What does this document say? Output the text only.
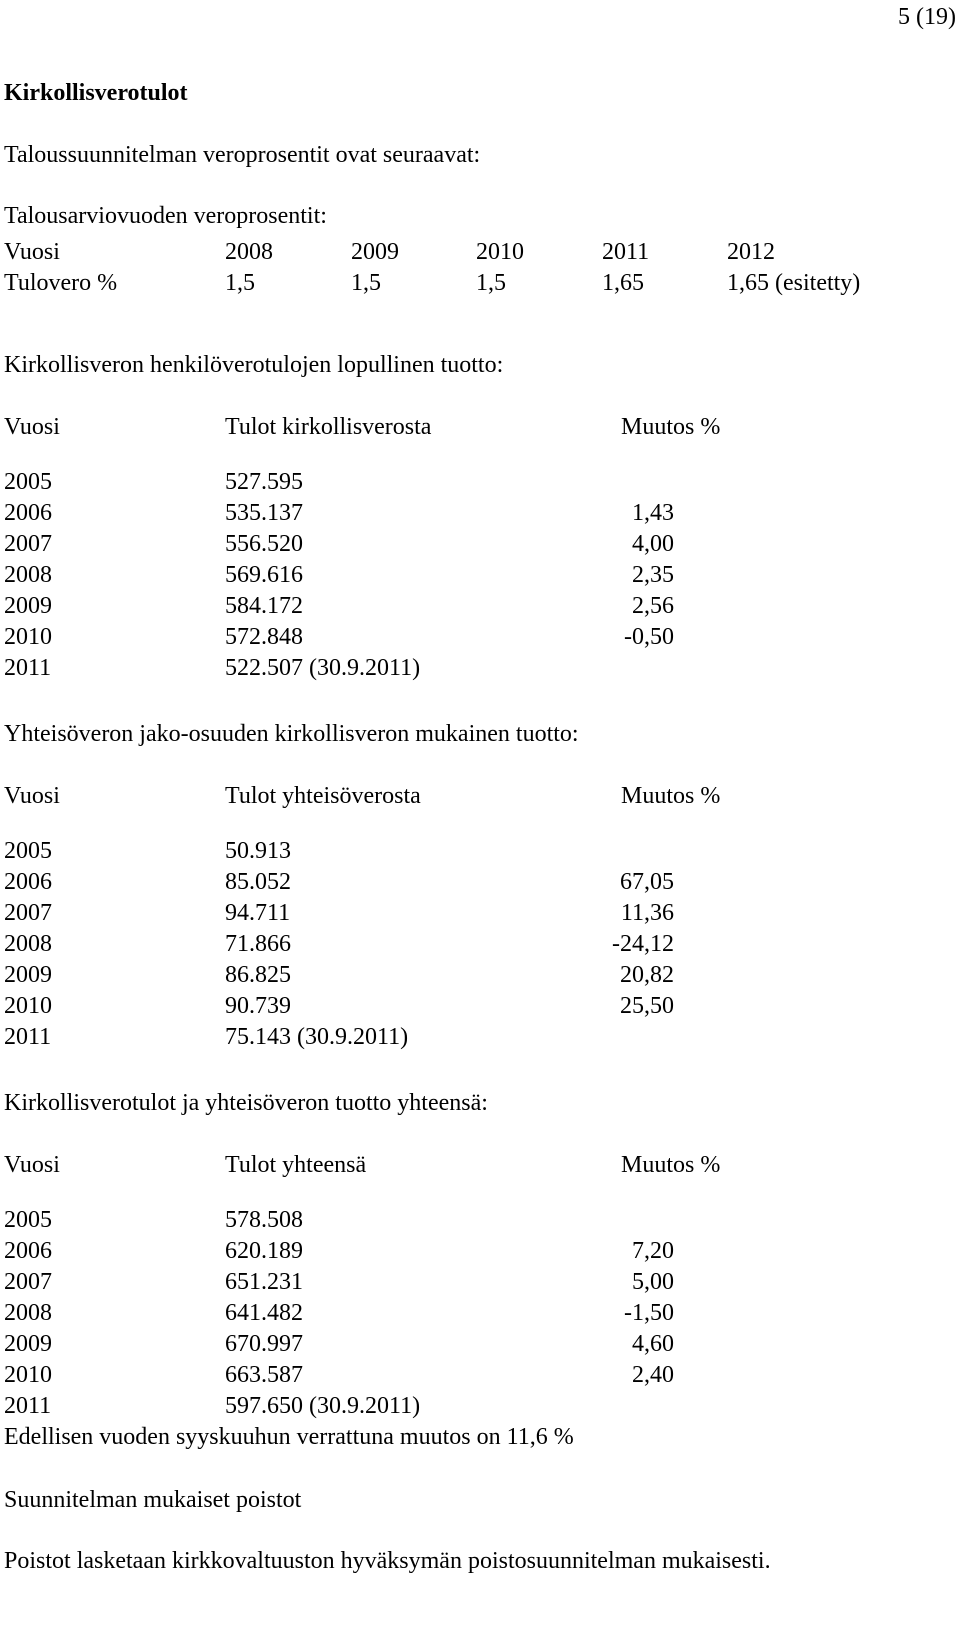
5 (19)
Kirkollisverotulot
Taloussuunnitelman veroprosentit ovat seuraavat:
Talousarviovuoden veroprosentit:
Vuosi	2008	2009	2010	2011	2012
Tulovero %	1,5	1,5	1,5	1,65	1,65 (esitetty)
Kirkollisveron henkilöverotulojen lopullinen tuotto:
Vuosi	Tulot kirkollisverosta	Muutos %
2005	527.595
2006	535.137	1,43
2007	556.520	4,00
2008	569.616	2,35
2009	584.172	2,56
2010	572.848	-0,50
2011	522.507 (30.9.2011)
Yhteisöveron jako-osuuden kirkollisveron mukainen tuotto:
Vuosi	Tulot yhteisöverosta	Muutos %
2005	50.913
2006	85.052	67,05
2007	94.711	11,36
2008	71.866	-24,12
2009	86.825	20,82
2010	90.739	25,50
2011	75.143 (30.9.2011)
Kirkollisverotulot ja yhteisöveron tuotto yhteensä:
Vuosi	Tulot yhteensä	Muutos %
2005	578.508
2006	620.189	7,20
2007	651.231	5,00
2008	641.482	-1,50
2009	670.997	4,60
2010	663.587	2,40
2011	597.650 (30.9.2011)
Edellisen vuoden syyskuuhun verrattuna muutos on 11,6 %
Suunnitelman mukaiset poistot
Poistot lasketaan kirkkovaltuuston hyväksymän poistosuunnitelman mukaisesti.
